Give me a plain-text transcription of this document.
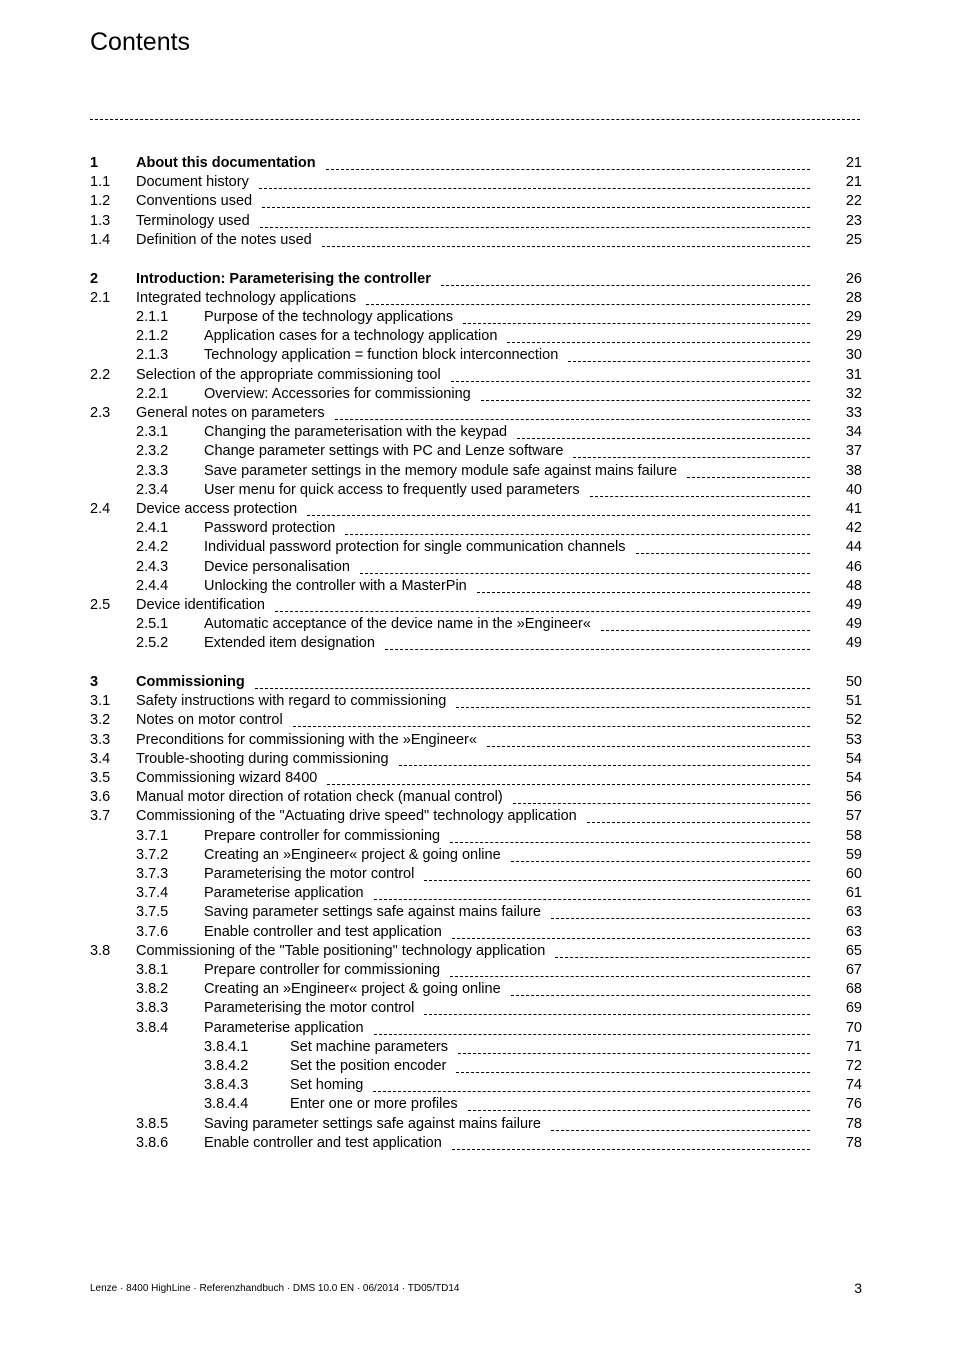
Contents
1	About this documentation	21
1.1 Document history	21
1.2 Conventions used	22
1.3 Terminology used	23
1.4 Definition of the notes used	25
2	Introduction: Parameterising the controller	26
2.1 Integrated technology applications	28
2.1.1 Purpose of the technology applications	29
2.1.2 Application cases for a technology application	29
2.1.3 Technology application = function block interconnection	30
2.2 Selection of the appropriate commissioning tool	31
2.2.1 Overview: Accessories for commissioning	32
2.3 General notes on parameters	33
2.3.1 Changing the parameterisation with the keypad	34
2.3.2 Change parameter settings with PC and Lenze software	37
2.3.3 Save parameter settings in the memory module safe against mains failure	38
2.3.4 User menu for quick access to frequently used parameters	40
2.4 Device access protection	41
2.4.1 Password protection	42
2.4.2 Individual password protection for single communication channels	44
2.4.3 Device personalisation	46
2.4.4 Unlocking the controller with a MasterPin	48
2.5 Device identification	49
2.5.1 Automatic acceptance of the device name in the »Engineer«	49
2.5.2 Extended item designation	49
3	Commissioning	50
3.1 Safety instructions with regard to commissioning	51
3.2 Notes on motor control	52
3.3 Preconditions for commissioning with the »Engineer«	53
3.4 Trouble-shooting during commissioning	54
3.5 Commissioning wizard 8400	54
3.6 Manual motor direction of rotation check (manual control)	56
3.7 Commissioning of the "Actuating drive speed" technology application	57
3.7.1 Prepare controller for commissioning	58
3.7.2 Creating an »Engineer« project & going online	59
3.7.3 Parameterising the motor control	60
3.7.4 Parameterise application	61
3.7.5 Saving parameter settings safe against mains failure	63
3.7.6 Enable controller and test application	63
3.8 Commissioning of the "Table positioning" technology application	65
3.8.1 Prepare controller for commissioning	67
3.8.2 Creating an »Engineer« project & going online	68
3.8.3 Parameterising the motor control	69
3.8.4 Parameterise application	70
3.8.4.1	Set machine parameters	71
3.8.4.2	Set the position encoder	72
3.8.4.3	Set homing	74
3.8.4.4	Enter one or more profiles	76
3.8.5 Saving parameter settings safe against mains failure	78
3.8.6 Enable controller and test application	78
Lenze · 8400 HighLine · Referenzhandbuch · DMS 10.0 EN · 06/2014 · TD05/TD14	3
